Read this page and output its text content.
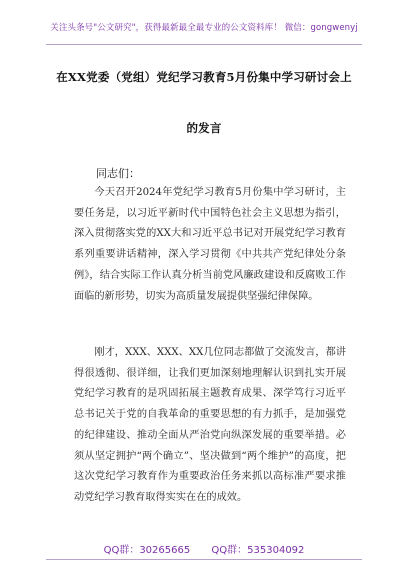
关注头条号"公文研究"，获得最新最全最专业的公文资料库！ 微信：gongwenyj
在XX党委（党组）党纪学习教育5月份集中学习研讨会上
的发言
同志们：

今天召开2024年党纪学习教育5月份集中学习研讨，主要任务是，以习近平新时代中国特色社会主义思想为指引，深入贯彻落实党的XX大和习近平总书记对开展党纪学习教育系列重要讲话精神，深入学习贯彻《中共共产党纪律处分条例》，结合实际工作认真分析当前党风廉政建设和反腐败工作面临的新形势，切实为高质量发展提供坚强纪律保障。

刚才，XXX、XXX、XX几位同志都做了交流发言，都讲得很透彻、很详细，让我们更加深刻地理解认识到扎实开展党纪学习教育的是巩固拓展主题教育成果、深学笃行习近平总书记关于党的自我革命的重要思想的有力抓手，是加强党的纪律建设、推动全面从严治党向纵深发展的重要举措。必须从坚定拥护“两个确立”、坚决做到“两个维护”的高度，把这次党纪学习教育作为重要政治任务来抓以高标准严要求推动党纪学习教育取得实实在在的成效。

QQ群：30265665 QQ群：535304092
